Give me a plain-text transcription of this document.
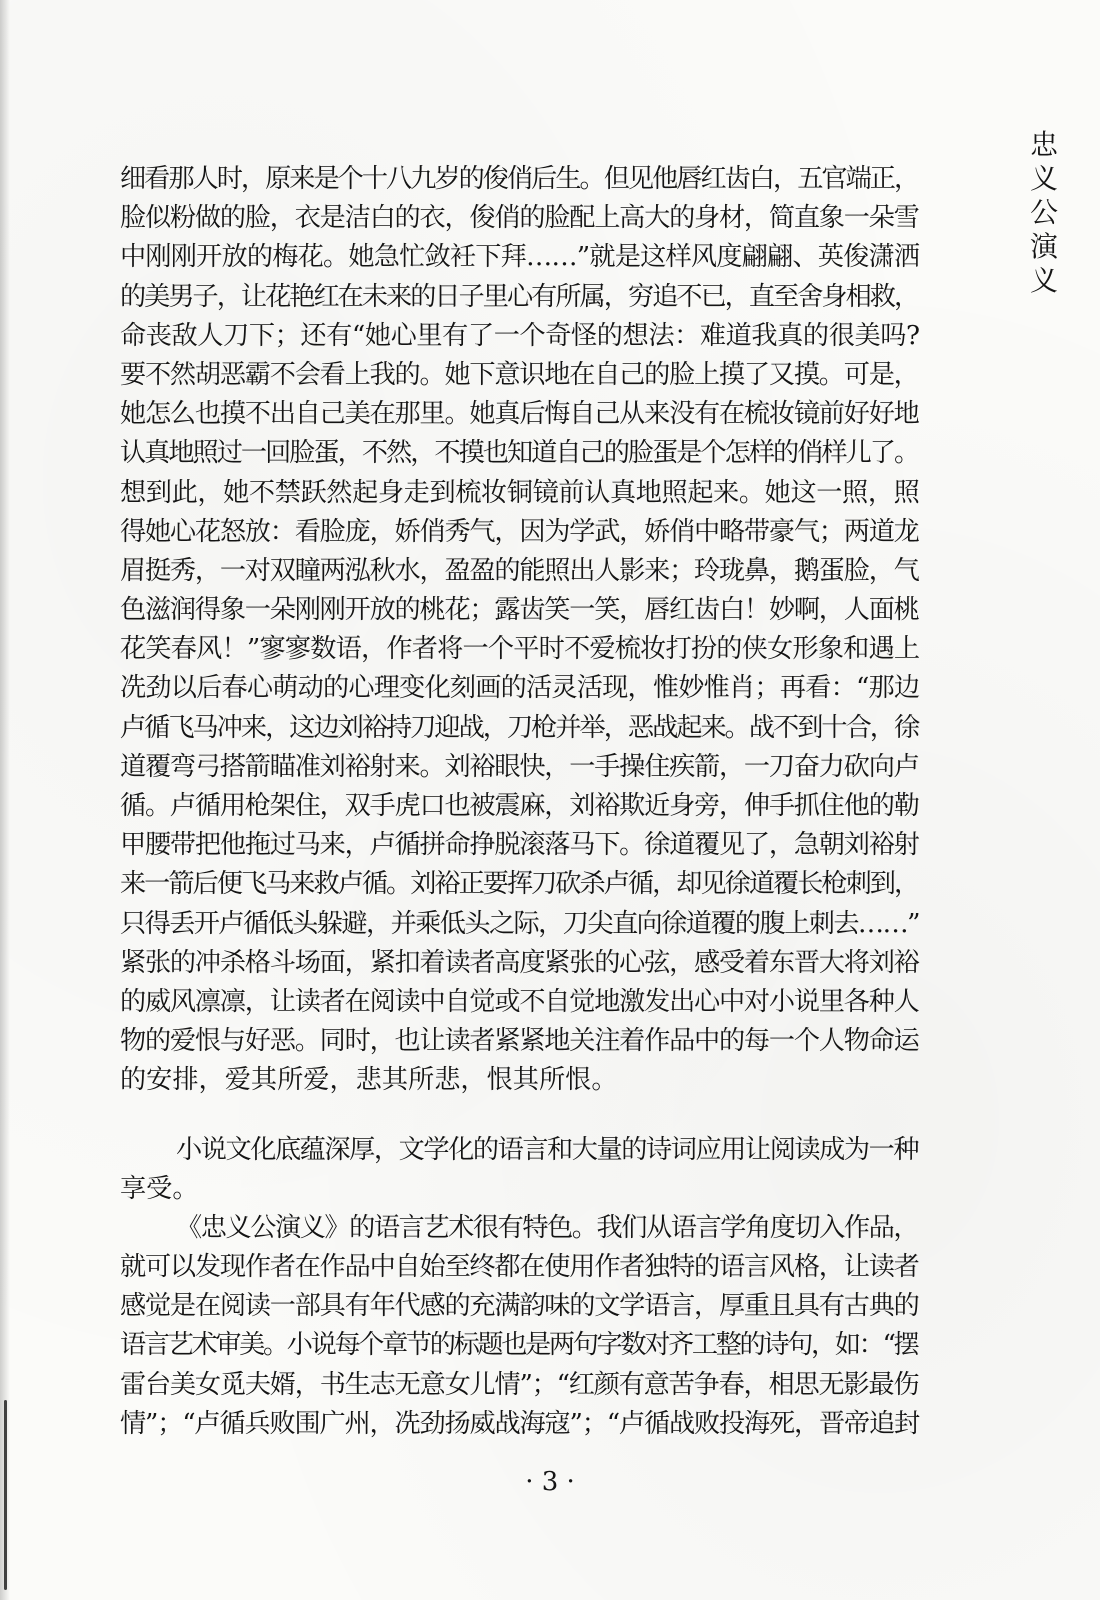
忠
义
公
演
义
细看那人时，原来是个十八九岁的俊俏后生。但见他唇红齿白，五官端正，
脸似粉做的脸，衣是洁白的衣，俊俏的脸配上高大的身材，简直象一朵雪
中刚刚开放的梅花。她急忙敛衽下拜……”就是这样风度翩翩、英俊潇洒
的美男子，让花艳红在未来的日子里心有所属，穷追不已，直至舍身相救，
命丧敌人刀下；还有“她心里有了一个奇怪的想法：难道我真的很美吗?
要不然胡恶霸不会看上我的。她下意识地在自己的脸上摸了又摸。可是，
她怎么也摸不出自己美在那里。她真后悔自己从来没有在梳妆镜前好好地
认真地照过一回脸蛋，不然，不摸也知道自己的脸蛋是个怎样的俏样儿了。
想到此，她不禁跃然起身走到梳妆铜镜前认真地照起来。她这一照，照
得她心花怒放：看脸庞，娇俏秀气，因为学武，娇俏中略带豪气；两道龙
眉挺秀，一对双瞳两泓秋水，盈盈的能照出人影来；玲珑鼻，鹅蛋脸，气
色滋润得象一朵刚刚开放的桃花；露齿笑一笑，唇红齿白！妙啊，人面桃
花笑春风！”寥寥数语，作者将一个平时不爱梳妆打扮的侠女形象和遇上
冼劲以后春心萌动的心理变化刻画的活灵活现，惟妙惟肖；再看：“那边
卢循飞马冲来，这边刘裕持刀迎战，刀枪并举，恶战起来。战不到十合，徐
道覆弯弓搭箭瞄准刘裕射来。刘裕眼快，一手操住疾箭，一刀奋力砍向卢
循。卢循用枪架住，双手虎口也被震麻，刘裕欺近身旁，伸手抓住他的勒
甲腰带把他拖过马来，卢循拼命挣脱滚落马下。徐道覆见了，急朝刘裕射
来一箭后便飞马来救卢循。刘裕正要挥刀砍杀卢循，却见徐道覆长枪刺到，
只得丢开卢循低头躲避，并乘低头之际，刀尖直向徐道覆的腹上刺去……”
紧张的冲杀格斗场面，紧扣着读者高度紧张的心弦，感受着东晋大将刘裕
的威风凛凛，让读者在阅读中自觉或不自觉地激发出心中对小说里各种人
物的爱恨与好恶。同时，也让读者紧紧地关注着作品中的每一个人物命运
的安排，爱其所爱，悲其所悲，恨其所恨。
小说文化底蕴深厚，文学化的语言和大量的诗词应用让阅读成为一种
享受。
《忠义公演义》的语言艺术很有特色。我们从语言学角度切入作品，
就可以发现作者在作品中自始至终都在使用作者独特的语言风格，让读者
感觉是在阅读一部具有年代感的充满韵味的文学语言，厚重且具有古典的
语言艺术审美。小说每个章节的标题也是两句字数对齐工整的诗句，如：“摆
雷台美女觅夫婿，书生志无意女儿情”；“红颜有意苦争春，相思无影最伤
情”；“卢循兵败围广州，冼劲扬威战海寇”；“卢循战败投海死，晋帝追封
· 3 ·
